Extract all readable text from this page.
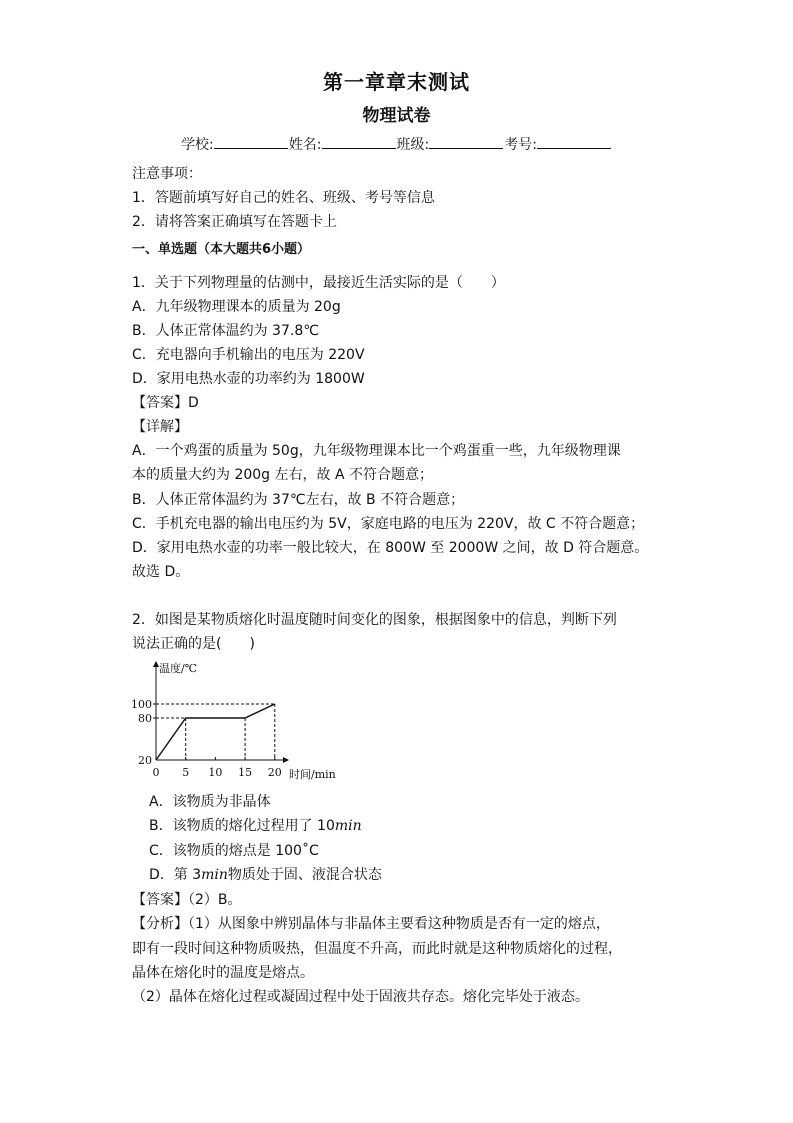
第一章章末测试
物理试卷
学校:	姓名:	班级:	考号:
注意事项：
1．答题前填写好自己的姓名、班级、考号等信息
2．请将答案正确填写在答题卡上
一、单选题（本大题共6小题）
1．关于下列物理量的估测中，最接近生活实际的是（　　）
A．九年级物理课本的质量为 20g
B．人体正常体温约为 37.8℃
C．充电器向手机输出的电压为 220V
D．家用电热水壶的功率约为 1800W
【答案】D
【详解】
A．一个鸡蛋的质量为 50g，九年级物理课本比一个鸡蛋重一些，九年级物理课
本的质量大约为 200g 左右，故 A 不符合题意；
B．人体正常体温约为 37℃左右，故 B 不符合题意；
C．手机充电器的输出电压约为 5V，家庭电路的电压为 220V，故 C 不符合题意；
D．家用电热水壶的功率一般比较大，在 800W 至 2000W 之间，故 D 符合题意。
故选 D。
2．如图是某物质熔化时温度随时间变化的图象，根据图象中的信息，判断下列
说法正确的是(　　)
温度/℃
时间/min
20
80
100
0 5 10 15 20
A．该物质为非晶体
B．该物质的熔化过程用了 10min
C．该物质的熔点是 100˚C
D．第 3min物质处于固、液混合状态
【答案】（2）B。
【分析】（1）从图象中辨别晶体与非晶体主要看这种物质是否有一定的熔点，
即有一段时间这种物质吸热，但温度不升高，而此时就是这种物质熔化的过程，
晶体在熔化时的温度是熔点。
（2）晶体在熔化过程或凝固过程中处于固液共存态。熔化完毕处于液态。
